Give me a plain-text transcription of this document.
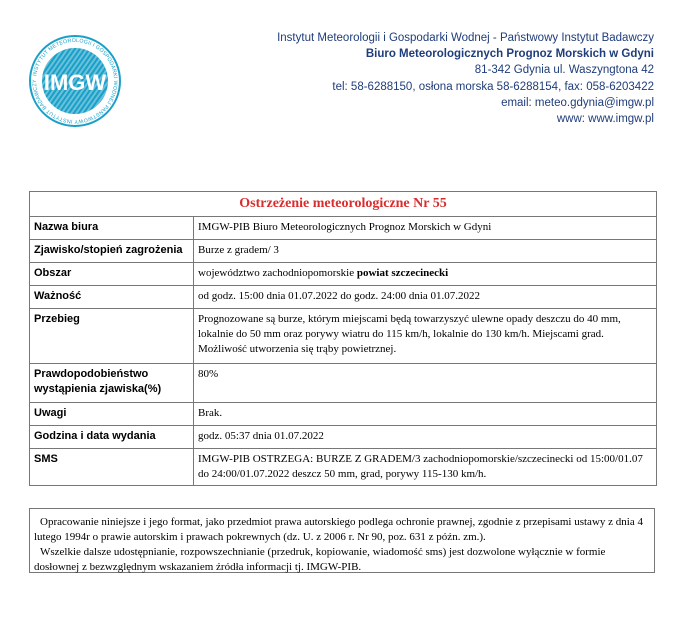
INSTYTUT METEOROLOGII I GOSPODARKI WODNEJ PAŃSTWOWY INSTYTUT BADAWCZY IMGW
Instytut Meteorologii i Gospodarki Wodnej - Państwowy Instytut Badawczy
Biuro Meteorologicznych Prognoz Morskich w Gdyni
81-342 Gdynia ul. Waszyngtona 42
tel: 58-6288150, osłona morska 58-6288154, fax: 058-6203422
email: meteo.gdynia@imgw.pl
www: www.imgw.pl
Ostrzeżenie meteorologiczne Nr 55
Nazwa biura	IMGW-PIB Biuro Meteorologicznych Prognoz Morskich w Gdyni
Zjawisko/stopień zagrożenia	Burze z gradem/ 3
Obszar	województwo zachodniopomorskie powiat szczecinecki
Ważność	od godz. 15:00 dnia 01.07.2022 do godz. 24:00 dnia 01.07.2022
Przebieg	Prognozowane są burze, którym miejscami będą towarzyszyć ulewne opady deszczu do 40 mm, lokalnie do 50 mm oraz porywy wiatru do 115 km/h, lokalnie do 130 km/h. Miejscami grad. Możliwość utworzenia się trąby powietrznej.
Prawdopodobieństwo wystąpienia zjawiska(%)	80%
Uwagi	Brak.
Godzina i data wydania	godz. 05:37 dnia 01.07.2022
SMS	IMGW-PIB OSTRZEGA: BURZE Z GRADEM/3 zachodniopomorskie/szczecinecki od 15:00/01.07 do 24:00/01.07.2022 deszcz 50 mm, grad, porywy 115-130 km/h.

Opracowanie niniejsze i jego format, jako przedmiot prawa autorskiego podlega ochronie prawnej, zgodnie z przepisami ustawy z dnia 4 lutego 1994r o prawie autorskim i prawach pokrewnych (dz. U. z 2006 r. Nr 90, poz. 631 z późn. zm.).

Wszelkie dalsze udostępnianie, rozpowszechnianie (przedruk, kopiowanie, wiadomość sms) jest dozwolone wyłącznie w formie dosłownej z bezwzględnym wskazaniem źródła informacji tj. IMGW-PIB.
